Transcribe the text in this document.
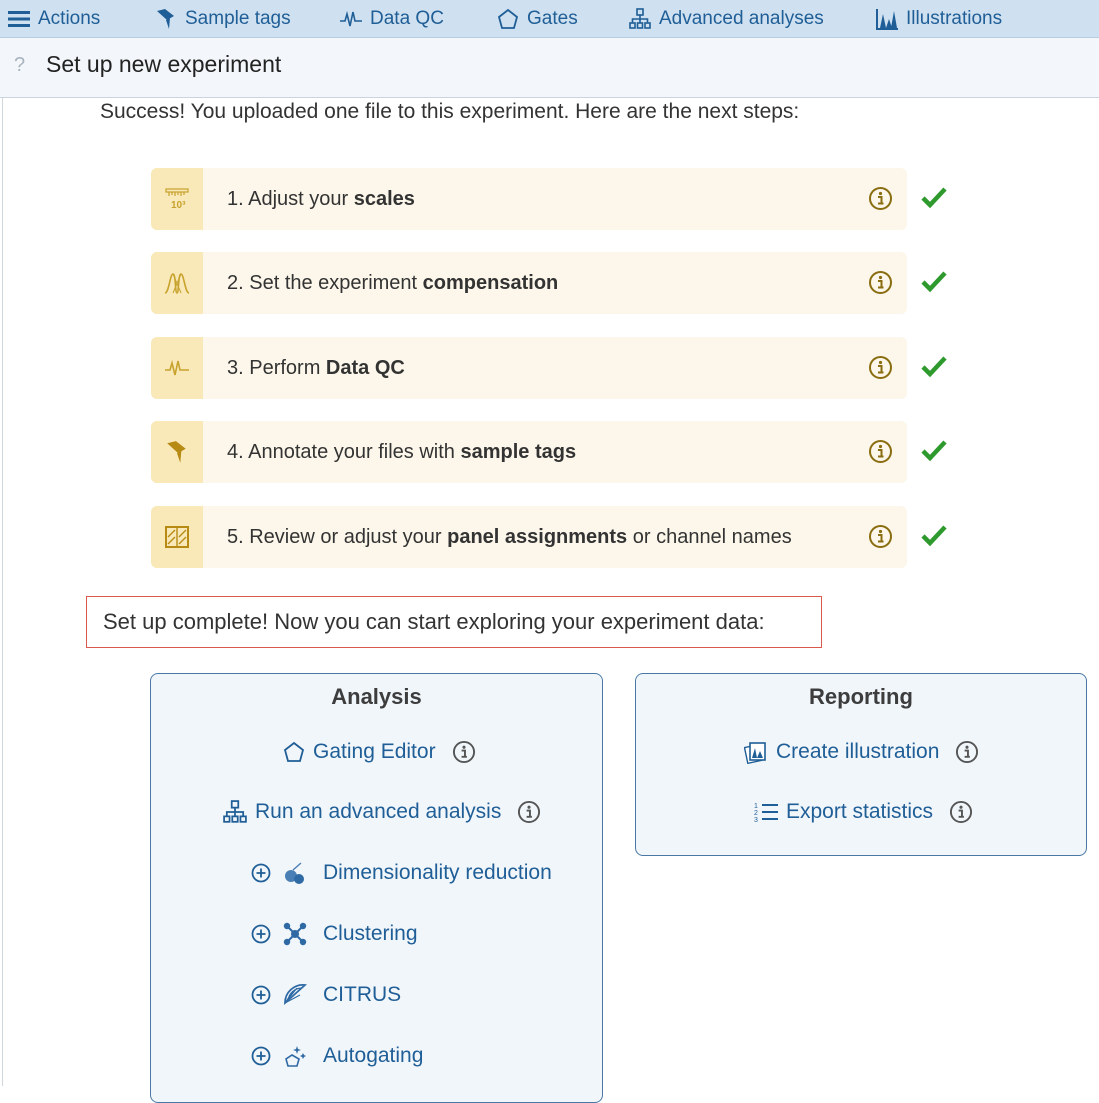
Actions	Sample tags	Data QC	Gates	Advanced analyses	Illustrations
? Set up new experiment
Success! You uploaded one file to this experiment. Here are the next steps:
10³ 1. Adjust your scales
2. Set the experiment compensation
3. Perform Data QC
4. Annotate your files with sample tags
5. Review or adjust your panel assignments or channel names
Set up complete! Now you can start exploring your experiment data:
Analysis
Gating Editor
Run an advanced analysis
Dimensionality reduction
Clustering
CITRUS
Autogating
Reporting
Create illustration
1
2
3 Export statistics
